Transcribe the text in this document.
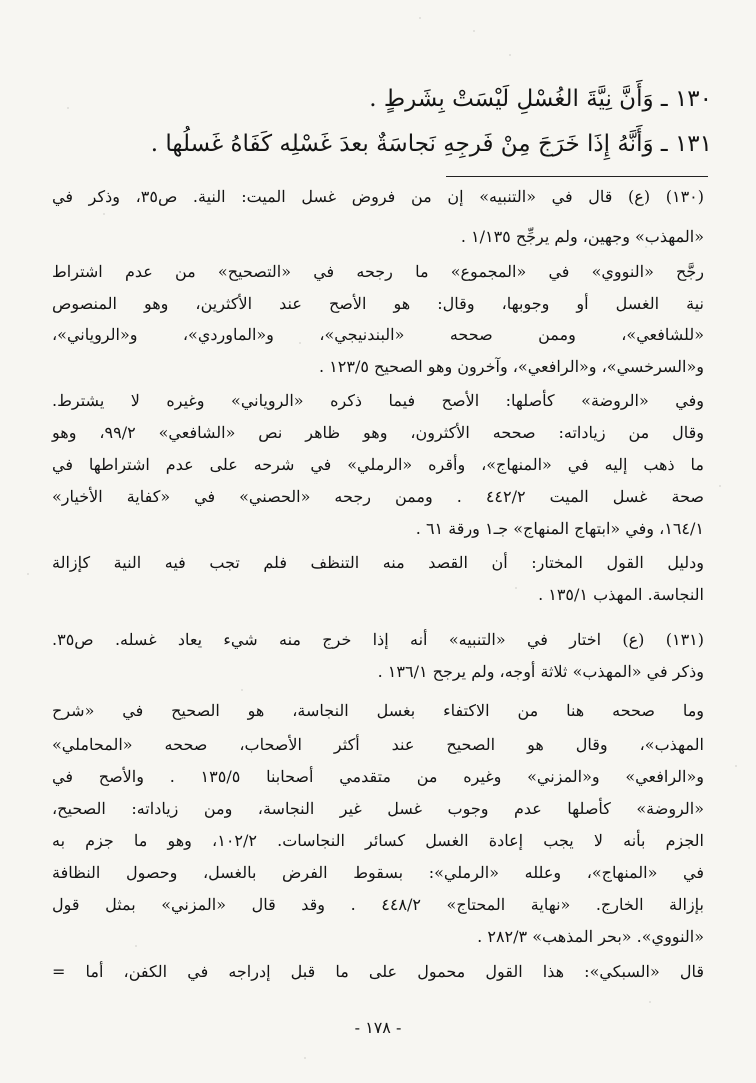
١٣٠ ـ وَأَنَّ نِيَّةَ الغُسْلِ لَيْسَتْ بِشَرطٍ .
١٣١ ـ وَأَنَّهُ إِذَا خَرَجَ مِنْ فَرجِهِ نَجاسَةٌ بعدَ غَسْلِه كَفَاهُ غَسلُها .
(١٣٠) (ع) قال في «التنبيه» إن من فروض غسل الميت: النية. ص٣٥، وذكر في
«المهذب» وجهين، ولم يرجِّح ١/١٣٥ .
رجَّح «النووي» في «المجموع» ما رجحه في «التصحيح» من عدم اشتراط
نية الغسل أو وجوبها، وقال: هو الأصح عند الأكثرين، وهو المنصوص
«للشافعي»، وممن صححه «البندنيجي»، و«الماوردي»، و«الروياني»،
و«السرخسي»، و«الرافعي»، وآخرون وهو الصحيح ١٢٣/٥ .
وفي «الروضة» كأصلها: الأصح فيما ذكره «الروياني» وغيره لا يشترط.
وقال من زياداته: صححه الأكثرون، وهو ظاهر نص «الشافعي» ٩٩/٢، وهو
ما ذهب إليه في «المنهاج»، وأقره «الرملي» في شرحه على عدم اشتراطها في
صحة غسل الميت ٤٤٢/٢ . وممن رجحه «الحصني» في «كفاية الأخيار»
١٦٤/١، وفي «ابتهاج المنهاج» جـ١ ورقة ٦١ .
ودليل القول المختار: أن القصد منه التنظف فلم تجب فيه النية كإزالة
النجاسة. المهذب ١٣٥/١ .
(١٣١) (ع) اختار في «التنبيه» أنه إذا خرج منه شيء يعاد غسله. ص٣٥.
وذكر في «المهذب» ثلاثة أوجه، ولم يرجح ١٣٦/١ .
وما صححه هنا من الاكتفاء بغسل النجاسة، هو الصحيح في «شرح
المهذب»، وقال هو الصحيح عند أكثر الأصحاب، صححه «المحاملي»
و«الرافعي» و«المزني» وغيره من متقدمي أصحابنا ١٣٥/٥ . والأصح في
«الروضة» كأصلها عدم وجوب غسل غير النجاسة، ومن زياداته: الصحيح،
الجزم بأنه لا يجب إعادة الغسل كسائر النجاسات. ١٠٢/٢، وهو ما جزم به
في «المنهاج»، وعلله «الرملي»: بسقوط الفرض بالغسل، وحصول النظافة
بإزالة الخارج. «نهاية المحتاج» ٤٤٨/٢ . وقد قال «المزني» بمثل قول
«النووي». «بحر المذهب» ٢٨٢/٣ .
قال «السبكي»: هذا القول محمول على ما قبل إدراجه في الكفن، أما =
- ١٧٨ -
